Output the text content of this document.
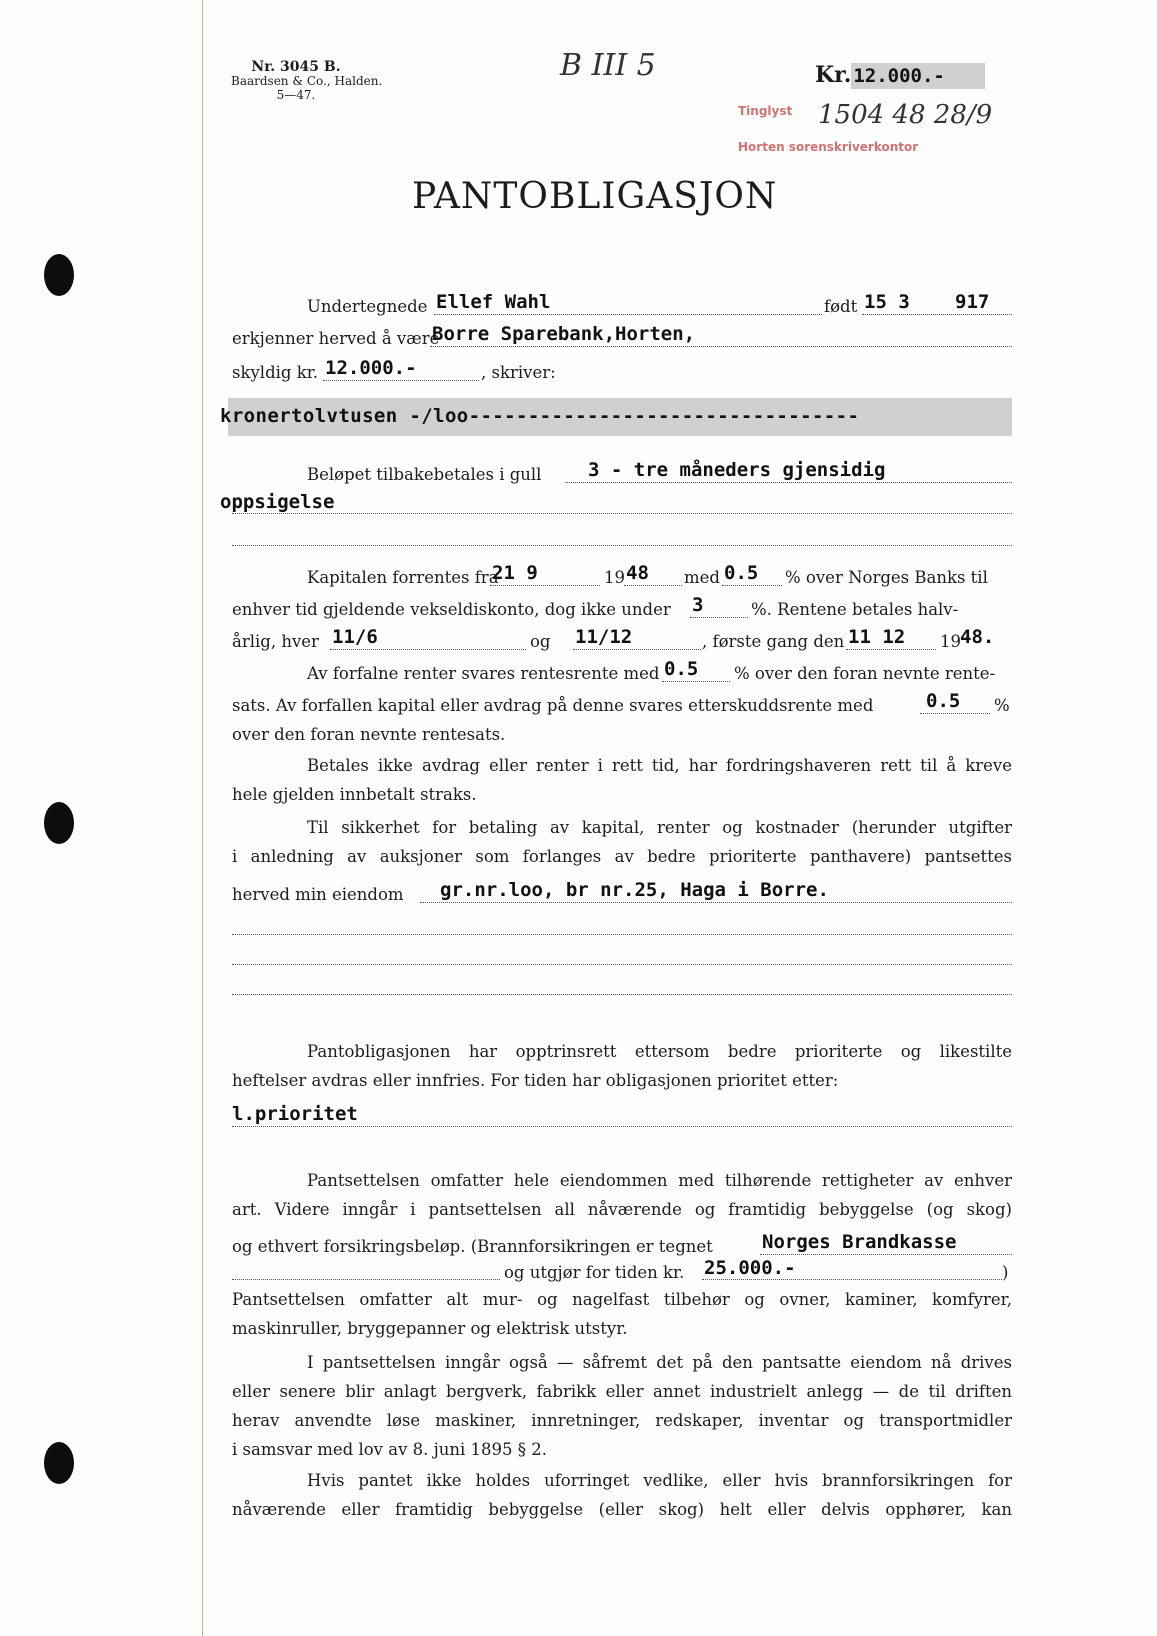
Nr. 3045 B.
Baardsen & Co., Halden.
5—47.
B III 5	Kr. 12.000.-
Tinglyst
Horten sorenskriverkontor
1504 48 28/9
PANTOBLIGASJON
Undertegnede Ellef Wahl	født 15 3 917
erkjenner herved å være
Borre Sparebank,Horten,
skyldig kr. 12.000.-	, skriver:
kronertolvtusen -/loo---------------------------------
Beløpet tilbakebetales i gull 3 - tre måneders gjensidig
oppsigelse
Kapitalen forrentes fra
21 9	19 48 med 0.5 % over Norges Banks til
enhver tid gjeldende vekseldiskonto, dog ikke under 3	%. Rentene betales halv-
årlig, hver 11/6	og 11/12	, første gang den 11 12 19 48.
Av forfalne renter svares rentesrente med 0.5 % over den foran nevnte rente-
sats. Av forfallen kapital eller avdrag på denne svares etterskuddsrente med	0.5 %
over den foran nevnte rentesats.
Betales ikke avdrag eller renter i rett tid, har fordringshaveren rett til å kreve
hele gjelden innbetalt straks.
Til sikkerhet for betaling av kapital, renter og kostnader (herunder utgifter
i anledning av auksjoner som forlanges av bedre prioriterte panthavere) pantsettes
herved min eiendom gr.nr.loo, br nr.25, Haga i Borre.
Pantobligasjonen har opptrinsrett ettersom bedre prioriterte og likestilte
heftelser avdras eller innfries. For tiden har obligasjonen prioritet etter:
l.prioritet
Pantsettelsen omfatter hele eiendommen med tilhørende rettigheter av enhver
art. Videre inngår i pantsettelsen all nåværende og framtidig bebyggelse (og skog)
og ethvert forsikringsbeløp. (Brannforsikringen er tegnet	Norges Brandkasse
og utgjør for tiden kr. 25.000.-	)
Pantsettelsen omfatter alt mur- og nagelfast tilbehør og ovner, kaminer, komfyrer,
maskinruller, bryggepanner og elektrisk utstyr.
I pantsettelsen inngår også — såfremt det på den pantsatte eiendom nå drives
eller senere blir anlagt bergverk, fabrikk eller annet industrielt anlegg — de til driften
herav anvendte løse maskiner, innretninger, redskaper, inventar og transportmidler
i samsvar med lov av 8. juni 1895 § 2.
Hvis pantet ikke holdes uforringet vedlike, eller hvis brannforsikringen for
nåværende eller framtidig bebyggelse (eller skog) helt eller delvis opphører, kan
